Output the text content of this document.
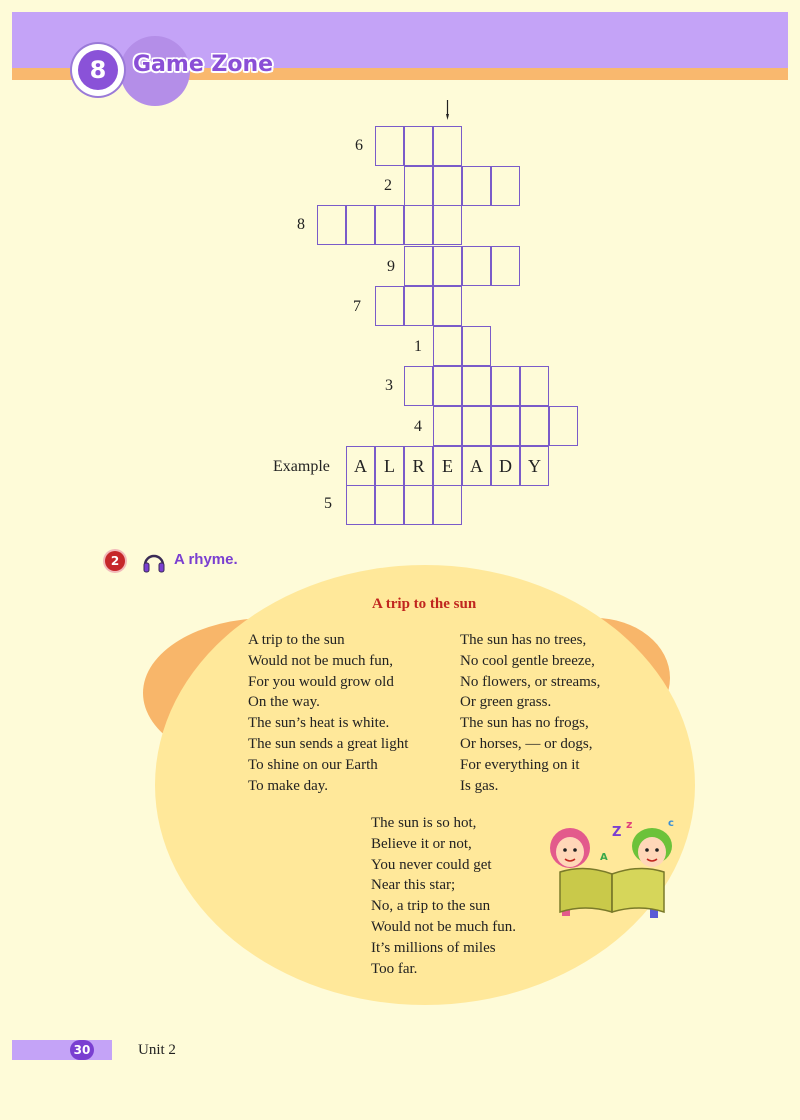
8	Game Zone
6
2
8
9
7
1
3
4
Example	A L R E A D Y
5
2	A rhyme.
A trip to the sun
A trip to the sun
Would not be much fun,
For you would grow old
On the way.
The sun’s heat is white.
The sun sends a great light
To shine on our Earth
To make day.
The sun has no trees,
No cool gentle breeze,
No flowers, or streams,
Or green grass.
The sun has no frogs,
Or horses, — or dogs,
For everything on it
Is gas.
The sun is so hot,
Believe it or not,
You never could get
Near this star;
No, a trip to the sun
Would not be much fun.
It’s millions of miles
Too far.
Z
z	c
A
30	Unit 2
